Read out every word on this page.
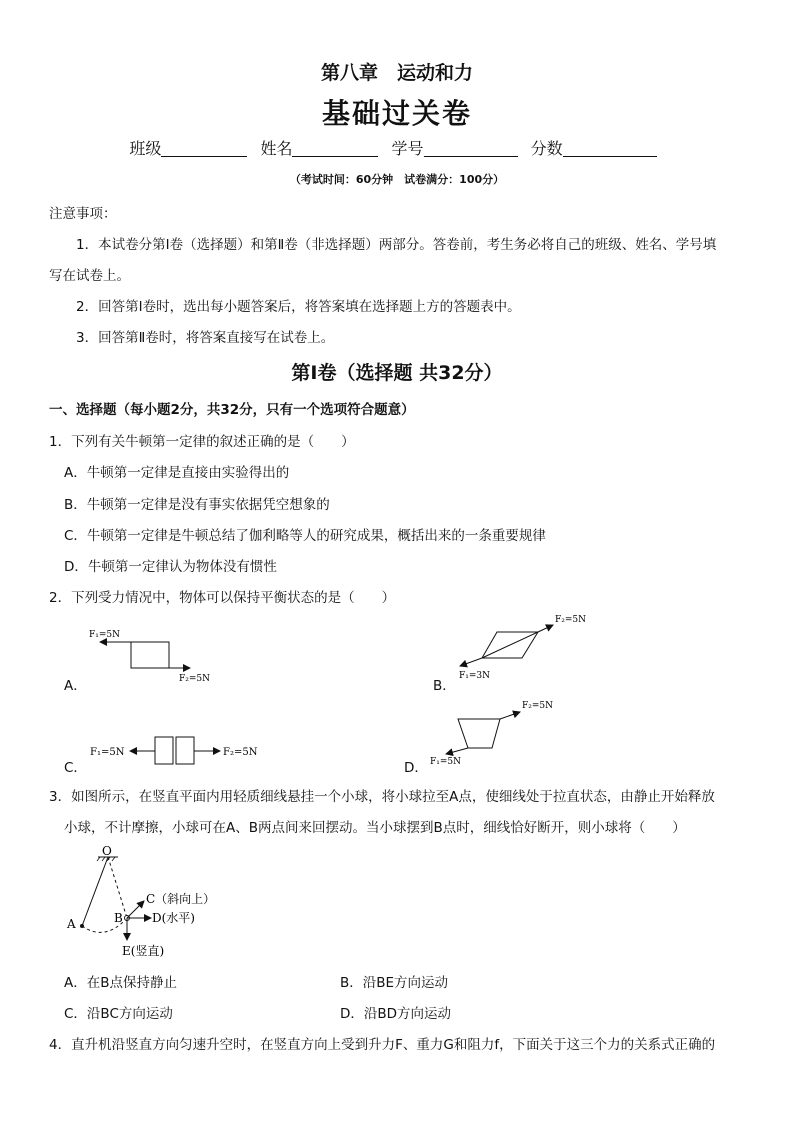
第八章　运动和力
基础过关卷
班级	姓名	学号	分数
（考试时间：60分钟　试卷满分：100分）
注意事项：
1．本试卷分第Ⅰ卷（选择题）和第Ⅱ卷（非选择题）两部分。答卷前，考生务必将自己的班级、姓名、学号填
写在试卷上。
2．回答第Ⅰ卷时，选出每小题答案后，将答案填在选择题上方的答题表中。
3．回答第Ⅱ卷时，将答案直接写在试卷上。
第Ⅰ卷（选择题 共32分）
一、选择题（每小题2分，共32分，只有一个选项符合题意）
1．下列有关牛顿第一定律的叙述正确的是（　　）
A．牛顿第一定律是直接由实验得出的
B．牛顿第一定律是没有事实依据凭空想象的
C．牛顿第一定律是牛顿总结了伽利略等人的研究成果，概括出来的一条重要规律
D．牛顿第一定律认为物体没有惯性
2．下列受力情况中，物体可以保持平衡状态的是（　　）
A．
F₁=5N
F₂=5N	B．
F₂=5N
F₁=3N
C．
F₁=5N	F₂=5N
D．
F₂=5N
F₁=5N
3．如图所示，在竖直平面内用轻质细线悬挂一个小球，将小球拉至A点，使细线处于拉直状态，由静止开始释放
小球，不计摩擦，小球可在A、B两点间来回摆动。当小球摆到B点时，细线恰好断开，则小球将（　　）
O
A	B
C（斜向上）
D(水平)
E(竖直)
A．在B点保持静止	B．沿BE方向运动
C．沿BC方向运动	D．沿BD方向运动
4．直升机沿竖直方向匀速升空时，在竖直方向上受到升力F、重力G和阻力f，下面关于这三个力的关系式正确的
